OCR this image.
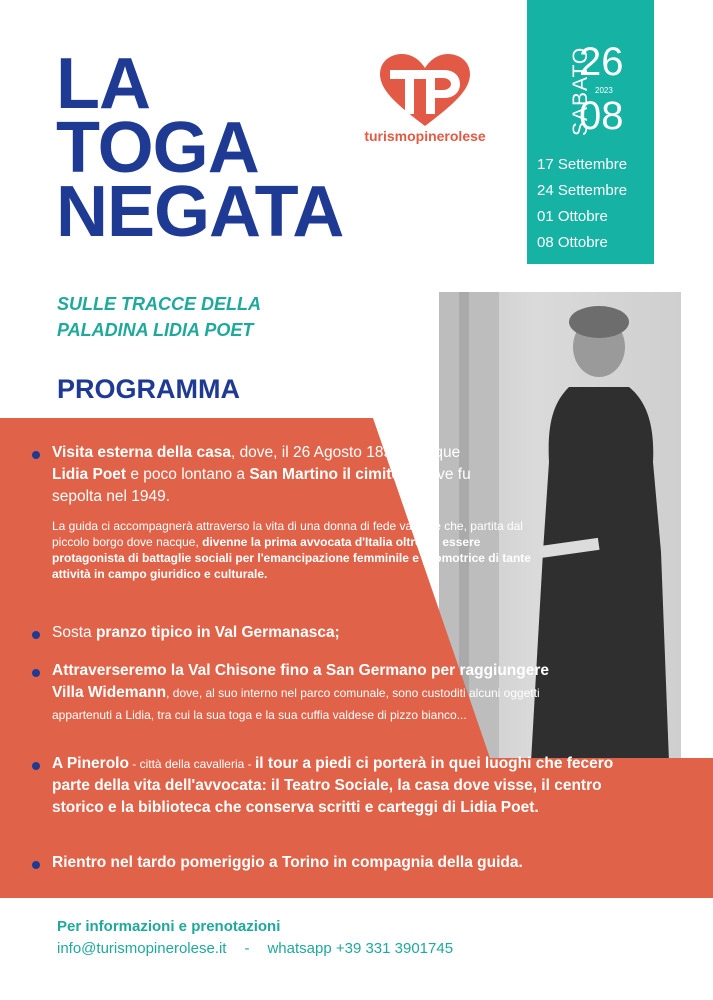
LA
TOGA
NEGATA
turismopinerolese	SABATO
26
2023
08
17 Settembre
24 Settembre
01 Ottobre
08 Ottobre
SULLE TRACCE DELLA
PALADINA LIDIA POET
PROGRAMMA
Visita esterna della casa, dove, il 26 Agosto 1855, nacque Lidia Poet e poco lontano a San Martino il cimitero dove fu sepolta nel 1949.
La guida ci accompagnerà attraverso la vita di una donna di fede valdese che, partita dal piccolo borgo dove nacque, divenne la prima avvocata d'Italia oltre ad essere protagonista di battaglie sociali per l'emancipazione femminile e promotrice di tante attività in campo giuridico e culturale.
Sosta pranzo tipico in Val Germanasca;
Attraverseremo la Val Chisone fino a San Germano per raggiungere Villa Widemann, dove, al suo interno nel parco comunale, sono custoditi alcuni oggetti appartenuti a Lidia, tra cui la sua toga e la sua cuffia valdese di pizzo bianco...
A Pinerolo - città della cavalleria - il tour a piedi ci porterà in quei luoghi che fecero parte della vita dell'avvocata: il Teatro Sociale, la casa dove visse, il centro storico e la biblioteca che conserva scritti e carteggi di Lidia Poet.
Rientro nel tardo pomeriggio a Torino in compagnia della guida.
Per informazioni e prenotazioni
info@turismopinerolese.it - whatsapp +39 331 3901745
